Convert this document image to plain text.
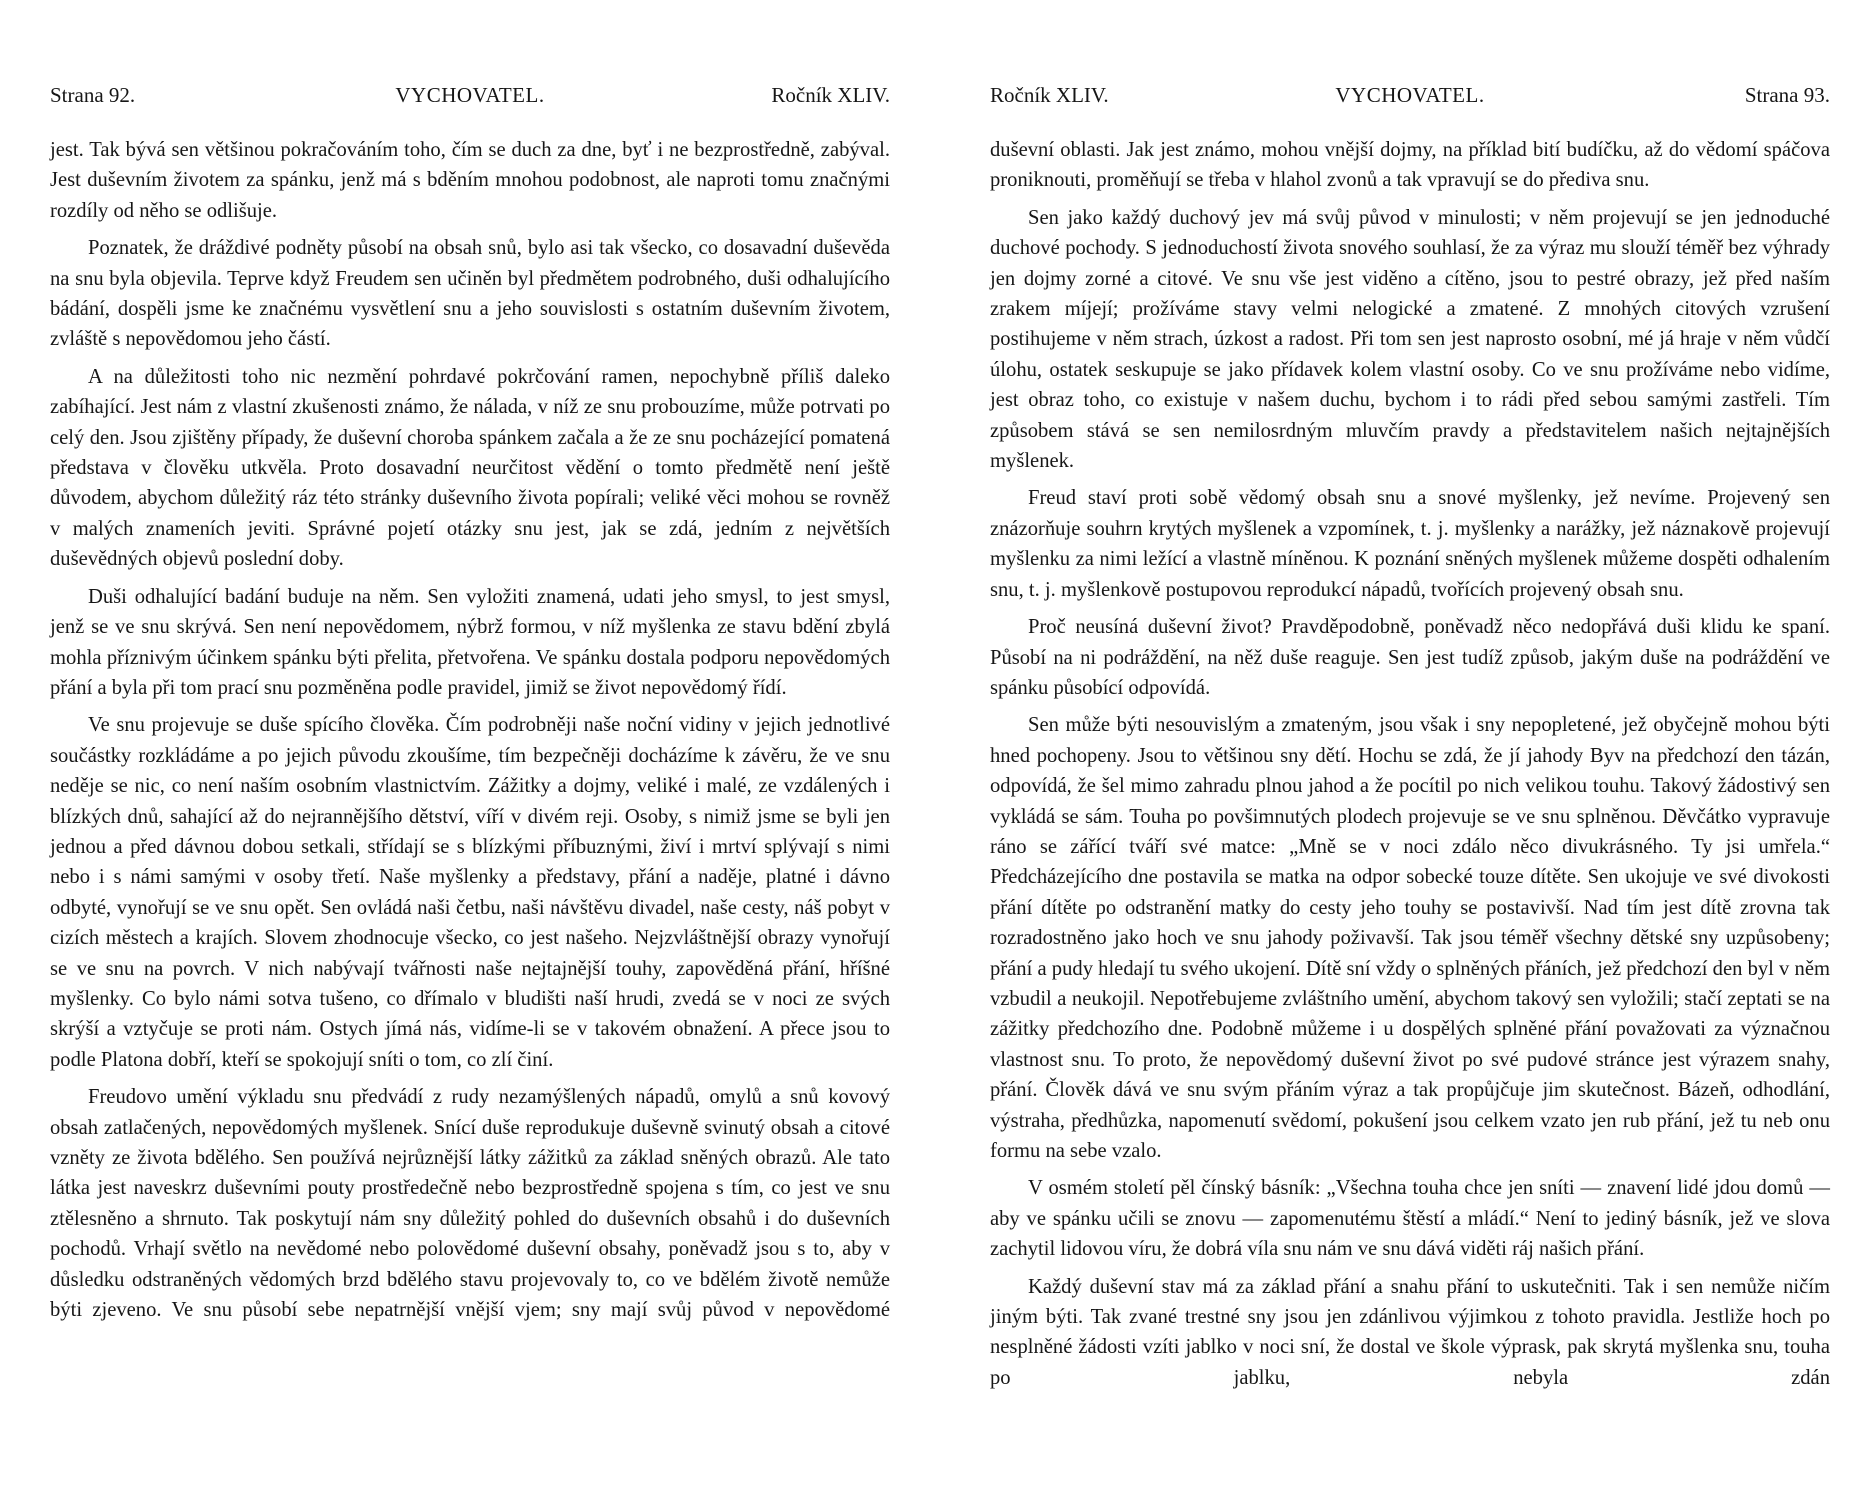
Strana 92.	VYCHOVATEL.	Ročník XLIV.

jest. Tak bývá sen většinou pokračováním toho, čím se duch za dne, byť i ne bezprostředně, zabýval. Jest duševním životem za spánku, jenž má s bděním mnohou podobnost, ale naproti tomu značnými rozdíly od něho se odlišuje.

Poznatek, že dráždivé podněty působí na obsah snů, bylo asi tak všecko, co dosavadní duševěda na snu byla objevila. Teprve když Freudem sen učiněn byl předmětem podrobného, duši odhalujícího bádání, dospěli jsme ke značnému vysvětlení snu a jeho souvislosti s ostatním duševním životem, zvláště s nepovědomou jeho částí.

A na důležitosti toho nic nezmění pohrdavé pokrčování ramen, nepochybně příliš daleko zabíhající. Jest nám z vlastní zkušenosti známo, že nálada, v níž ze snu probouzíme, může potrvati po celý den. Jsou zjištěny případy, že duševní choroba spánkem začala a že ze snu pocházející pomatená představa v člověku utkvěla. Proto dosavadní neurčitost vědění o tomto předmětě není ještě důvodem, abychom důležitý ráz této stránky duševního života popírali; veliké věci mohou se rovněž v malých znameních jeviti. Správné pojetí otázky snu jest, jak se zdá, jedním z největších duševědných objevů poslední doby.

Duši odhalující badání buduje na něm. Sen vyložiti znamená, udati jeho smysl, to jest smysl, jenž se ve snu skrývá. Sen není nepovědomem, nýbrž formou, v níž myšlenka ze stavu bdění zbylá mohla příznivým účinkem spánku býti přelita, přetvořena. Ve spánku dostala podporu nepovědomých přání a byla při tom prací snu pozměněna podle pravidel, jimiž se život nepovědomý řídí.

Ve snu projevuje se duše spícího člověka. Čím podrobněji naše noční vidiny v jejich jednotlivé součástky rozkládáme a po jejich původu zkoušíme, tím bezpečněji docházíme k závěru, že ve snu neděje se nic, co není naším osobním vlastnictvím. Zážitky a dojmy, veliké i malé, ze vzdálených i blízkých dnů, sahající až do nejrannějšího dětství, víří v divém reji. Osoby, s nimiž jsme se byli jen jednou a před dávnou dobou setkali, střídají se s blízkými příbuznými, živí i mrtví splývají s nimi nebo i s námi samými v osoby třetí. Naše myšlenky a představy, přání a naděje, platné i dávno odbyté, vynořují se ve snu opět. Sen ovládá naši četbu, naši návštěvu divadel, naše cesty, náš pobyt v cizích městech a krajích. Slovem zhodnocuje všecko, co jest našeho. Nejzvláštnější obrazy vynořují se ve snu na povrch. V nich nabývají tvářnosti naše nejtajnější touhy, zapověděná přání, hříšné myšlenky. Co bylo námi sotva tušeno, co dřímalo v bludišti naší hrudi, zvedá se v noci ze svých skrýší a vztyčuje se proti nám. Ostych jímá nás, vidíme-li se v takovém obnažení. A přece jsou to podle Platona dobří, kteří se spokojují sníti o tom, co zlí činí.

Freudovo umění výkladu snu předvádí z rudy nezamýšlených nápadů, omylů a snů kovový obsah zatlačených, nepovědomých myšlenek. Snící duše reprodukuje duševně svinutý obsah a citové vzněty ze života bdělého. Sen používá nejrůznější látky zážitků za základ sněných obrazů. Ale tato látka jest naveskrz duševními pouty prostředečně nebo bezprostředně spojena s tím, co jest ve snu ztělesněno a shrnuto. Tak poskytují nám sny důležitý pohled do duševních obsahů i do duševních pochodů. Vrhají světlo na nevědomé nebo polovědomé duševní obsahy, poněvadž jsou s to, aby v důsledku odstraněných vědomých brzd bdělého stavu projevovaly to, co ve bdělém životě nemůže býti zjeveno. Ve snu působí sebe nepatrnější vnější vjem; sny mají svůj původ v nepovědomé

Ročník XLIV.	VYCHOVATEL.	Strana 93.

duševní oblasti. Jak jest známo, mohou vnější dojmy, na příklad bití budíčku, až do vědomí spáčova proniknouti, proměňují se třeba v hlahol zvonů a tak vpravují se do přediva snu.

Sen jako každý duchový jev má svůj původ v minulosti; v něm projevují se jen jednoduché duchové pochody. S jednoduchostí života snového souhlasí, že za výraz mu slouží téměř bez výhrady jen dojmy zorné a citové. Ve snu vše jest viděno a cítěno, jsou to pestré obrazy, jež před naším zrakem míjejí; prožíváme stavy velmi nelogické a zmatené. Z mnohých citových vzrušení postihujeme v něm strach, úzkost a radost. Při tom sen jest naprosto osobní, mé já hraje v něm vůdčí úlohu, ostatek seskupuje se jako přídavek kolem vlastní osoby. Co ve snu prožíváme nebo vidíme, jest obraz toho, co existuje v našem duchu, bychom i to rádi před sebou samými zastřeli. Tím způsobem stává se sen nemilosrdným mluvčím pravdy a představitelem našich nejtajnějších myšlenek.

Freud staví proti sobě vědomý obsah snu a snové myšlenky, jež nevíme. Projevený sen znázorňuje souhrn krytých myšlenek a vzpomínek, t. j. myšlenky a narážky, jež náznakově projevují myšlenku za nimi ležící a vlastně míněnou. K poznání sněných myšlenek můžeme dospěti odhalením snu, t. j. myšlenkově postupovou reprodukcí nápadů, tvořících projevený obsah snu.

Proč neusíná duševní život? Pravděpodobně, poněvadž něco nedopřává duši klidu ke spaní. Působí na ni podráždění, na něž duše reaguje. Sen jest tudíž způsob, jakým duše na podráždění ve spánku působící odpovídá.

Sen může býti nesouvislým a zmateným, jsou však i sny nepopletené, jež obyčejně mohou býti hned pochopeny. Jsou to většinou sny dětí. Hochu se zdá, že jí jahody Byv na předchozí den tázán, odpovídá, že šel mimo zahradu plnou jahod a že pocítil po nich velikou touhu. Takový žádostivý sen vykládá se sám. Touha po povšimnutých plodech projevuje se ve snu splněnou. Děvčátko vypravuje ráno se zářící tváří své matce: „Mně se v noci zdálo něco divukrásného. Ty jsi umřela.“ Předcházejícího dne postavila se matka na odpor sobecké touze dítěte. Sen ukojuje ve své divokosti přání dítěte po odstranění matky do cesty jeho touhy se postavivší. Nad tím jest dítě zrovna tak rozradostněno jako hoch ve snu jahody poživavší. Tak jsou téměř všechny dětské sny uzpůsobeny; přání a pudy hledají tu svého ukojení. Dítě sní vždy o splněných přáních, jež předchozí den byl v něm vzbudil a neukojil. Nepotřebujeme zvláštního umění, abychom takový sen vyložili; stačí zeptati se na zážitky předchozího dne. Podobně můžeme i u dospělých splněné přání považovati za význačnou vlastnost snu. To proto, že nepovědomý duševní život po své pudové stránce jest výrazem snahy, přání. Člověk dává ve snu svým přáním výraz a tak propůjčuje jim skutečnost. Bázeň, odhodlání, výstraha, předhůzka, napomenutí svědomí, pokušení jsou celkem vzato jen rub přání, jež tu neb onu formu na sebe vzalo.

V osmém století pěl čínský básník: „Všechna touha chce jen sníti — znavení lidé jdou domů — aby ve spánku učili se znovu — zapomenutému štěstí a mládí.“ Není to jediný básník, jež ve slova zachytil lidovou víru, že dobrá víla snu nám ve snu dává viděti ráj našich přání.

Každý duševní stav má za základ přání a snahu přání to uskutečniti. Tak i sen nemůže ničím jiným býti. Tak zvané trestné sny jsou jen zdánlivou výjimkou z tohoto pravidla. Jestliže hoch po nesplněné žádosti vzíti jablko v noci sní, že dostal ve škole výprask, pak skrytá myšlenka snu, touha po jablku, nebyla zdán
